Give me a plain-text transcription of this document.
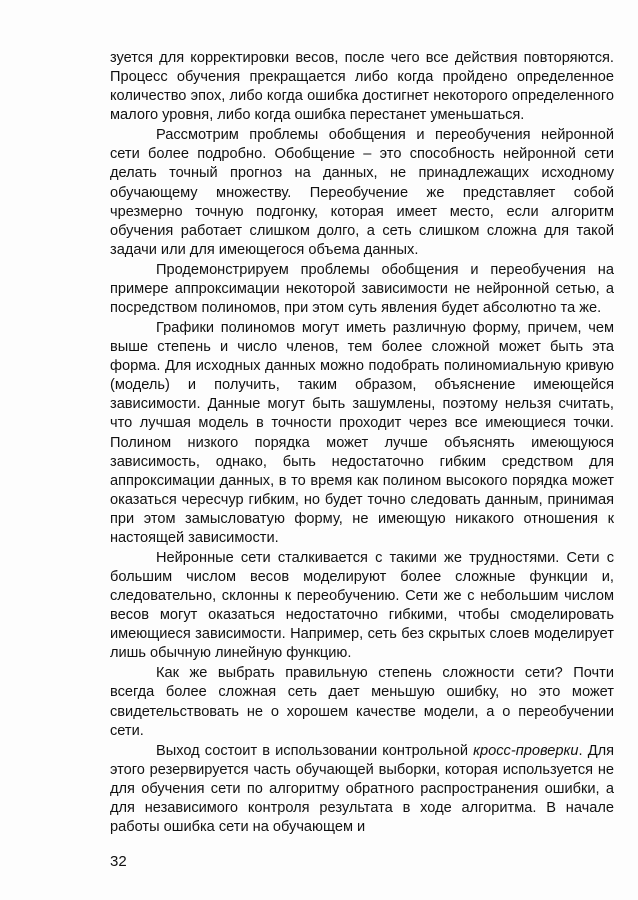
зуется для корректировки весов, после чего все действия повторяются. Процесс обучения прекращается либо когда пройдено определенное количество эпох, либо когда ошибка достигнет некоторого определенного малого уровня, либо когда ошибка перестанет уменьшаться.

Рассмотрим проблемы обобщения и переобучения нейронной сети более подробно. Обобщение – это способность нейронной сети делать точный прогноз на данных, не принадлежащих исходному обучающему множеству. Переобучение же представляет собой чрезмерно точную подгонку, которая имеет место, если алгоритм обучения работает слишком долго, а сеть слишком сложна для такой задачи или для имеющегося объема данных.

Продемонстрируем проблемы обобщения и переобучения на примере аппроксимации некоторой зависимости не нейронной сетью, а посредством полиномов, при этом суть явления будет абсолютно та же.

Графики полиномов могут иметь различную форму, причем, чем выше степень и число членов, тем более сложной может быть эта форма. Для исходных данных можно подобрать полиномиальную кривую (модель) и получить, таким образом, объяснение имеющейся зависимости. Данные могут быть зашумлены, поэтому нельзя считать, что лучшая модель в точности проходит через все имеющиеся точки. Полином низкого порядка может лучше объяснять имеющуюся зависимость, однако, быть недостаточно гибким средством для аппроксимации данных, в то время как полином высокого порядка может оказаться чересчур гибким, но будет точно следовать данным, принимая при этом замысловатую форму, не имеющую никакого отношения к настоящей зависимости.

Нейронные сети сталкивается с такими же трудностями. Сети с большим числом весов моделируют более сложные функции и, следовательно, склонны к переобучению. Сети же с небольшим числом весов могут оказаться недостаточно гибкими, чтобы смоделировать имеющиеся зависимости. Например, сеть без скрытых слоев моделирует лишь обычную линейную функцию.

Как же выбрать правильную степень сложности сети? Почти всегда более сложная сеть дает меньшую ошибку, но это может свидетельствовать не о хорошем качестве модели, а о переобучении сети.

Выход состоит в использовании контрольной кросс-проверки. Для этого резервируется часть обучающей выборки, которая используется не для обучения сети по алгоритму обратного распространения ошибки, а для независимого контроля результата в ходе алгоритма. В начале работы ошибка сети на обучающем и

32
